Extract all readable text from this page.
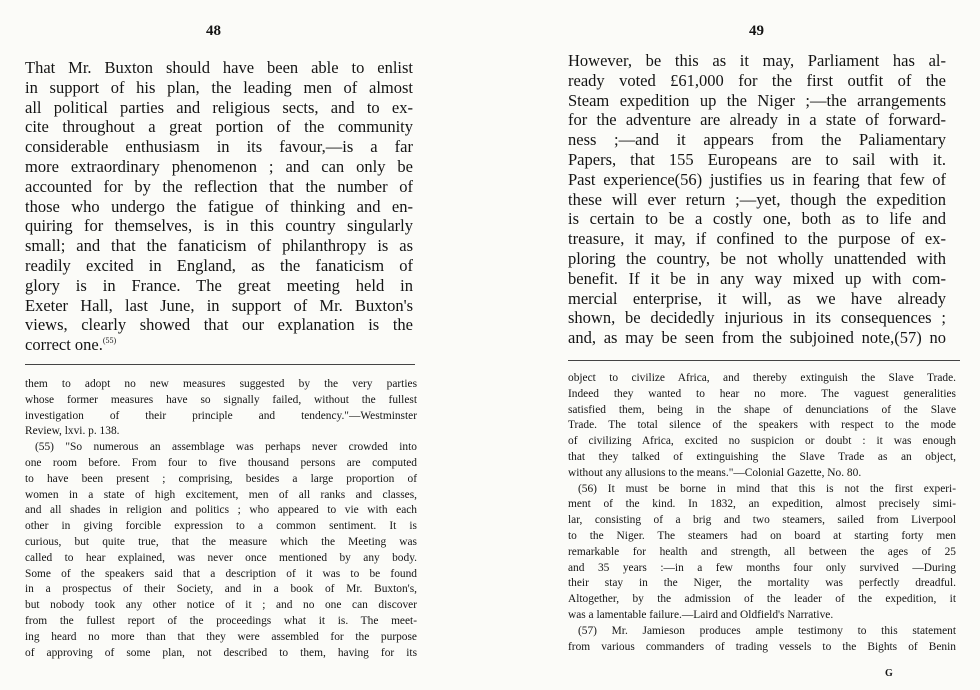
48
That Mr. Buxton should have been able to enlist
in support of his plan, the leading men of almost
all political parties and religious sects, and to ex-
cite throughout a great portion of the community
considerable enthusiasm in its favour,—is a far
more extraordinary phenomenon ; and can only be
accounted for by the reflection that the number of
those who undergo the fatigue of thinking and en-
quiring for themselves, is in this country singularly
small; and that the fanaticism of philanthropy is as
readily excited in England, as the fanaticism of
glory is in France. The great meeting held in
Exeter Hall, last June, in support of Mr. Buxton's
views, clearly showed that our explanation is the
correct one.$^{(55)}$
them to adopt no new measures suggested by the very parties
whose former measures have so signally failed, without the fullest
investigation of their principle and tendency."—Westminster
Review, lxvi. p. 138.
(55) "So numerous an assemblage was perhaps never crowded into
one room before. From four to five thousand persons are computed
to have been present ; comprising, besides a large proportion of
women in a state of high excitement, men of all ranks and classes,
and all shades in religion and politics ; who appeared to vie with each
other in giving forcible expression to a common sentiment. It is
curious, but quite true, that the measure which the Meeting was
called to hear explained, was never once mentioned by any body.
Some of the speakers said that a description of it was to be found
in a prospectus of their Society, and in a book of Mr. Buxton's,
but nobody took any other notice of it ; and no one can discover
from the fullest report of the proceedings what it is. The meet-
ing heard no more than that they were assembled for the purpose
of approving of some plan, not described to them, having for its
49
However, be this as it may, Parliament has al-
ready voted £61,000 for the first outfit of the
Steam expedition up the Niger ;—the arrangements
for the adventure are already in a state of forward-
ness ;—and it appears from the Paliamentary
Papers, that 155 Europeans are to sail with it.
Past experience(56) justifies us in fearing that few of
these will ever return ;—yet, though the expedition
is certain to be a costly one, both as to life and
treasure, it may, if confined to the purpose of ex-
ploring the country, be not wholly unattended with
benefit. If it be in any way mixed up with com-
mercial enterprise, it will, as we have already
shown, be decidedly injurious in its consequences ;
and, as may be seen from the subjoined note,(57) no
object to civilize Africa, and thereby extinguish the Slave Trade.
Indeed they wanted to hear no more. The vaguest generalities
satisfied them, being in the shape of denunciations of the Slave
Trade. The total silence of the speakers with respect to the mode
of civilizing Africa, excited no suspicion or doubt : it was enough
that they talked of extinguishing the Slave Trade as an object,
without any allusions to the means."—Colonial Gazette, No. 80.
(56) It must be borne in mind that this is not the first experi-
ment of the kind. In 1832, an expedition, almost precisely simi-
lar, consisting of a brig and two steamers, sailed from Liverpool
to the Niger. The steamers had on board at starting forty men
remarkable for health and strength, all between the ages of 25
and 35 years :—in a few months four only survived —During
their stay in the Niger, the mortality was perfectly dreadful.
Altogether, by the admission of the leader of the expedition, it
was a lamentable failure.—Laird and Oldfield's Narrative.
(57) Mr. Jamieson produces ample testimony to this statement
from various commanders of trading vessels to the Bights of Benin
G
